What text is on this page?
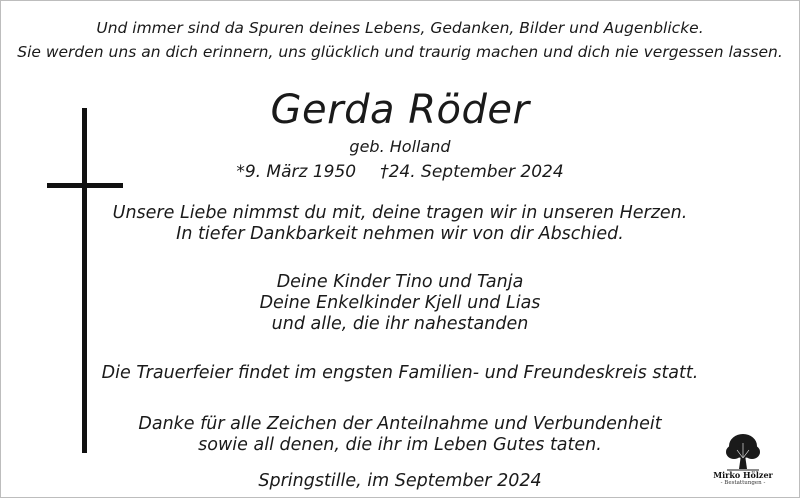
Und immer sind da Spuren deines Lebens, Gedanken, Bilder und Augenblicke.
Sie werden uns an dich erinnern, uns glücklich und traurig machen und dich nie vergessen lassen.
Gerda Röder
geb. Holland
*9. März 1950 †24. September 2024
Unsere Liebe nimmst du mit, deine tragen wir in unseren Herzen.
In tiefer Dankbarkeit nehmen wir von dir Abschied.
Deine Kinder Tino und Tanja
Deine Enkelkinder Kjell und Lias
und alle, die ihr nahestanden
Die Trauerfeier findet im engsten Familien- und Freundeskreis statt.
Danke für alle Zeichen der Anteilnahme und Verbundenheit
sowie all denen, die ihr im Leben Gutes taten.
Springstille, im September 2024	Mirko Hölzer
- Bestattungen -
